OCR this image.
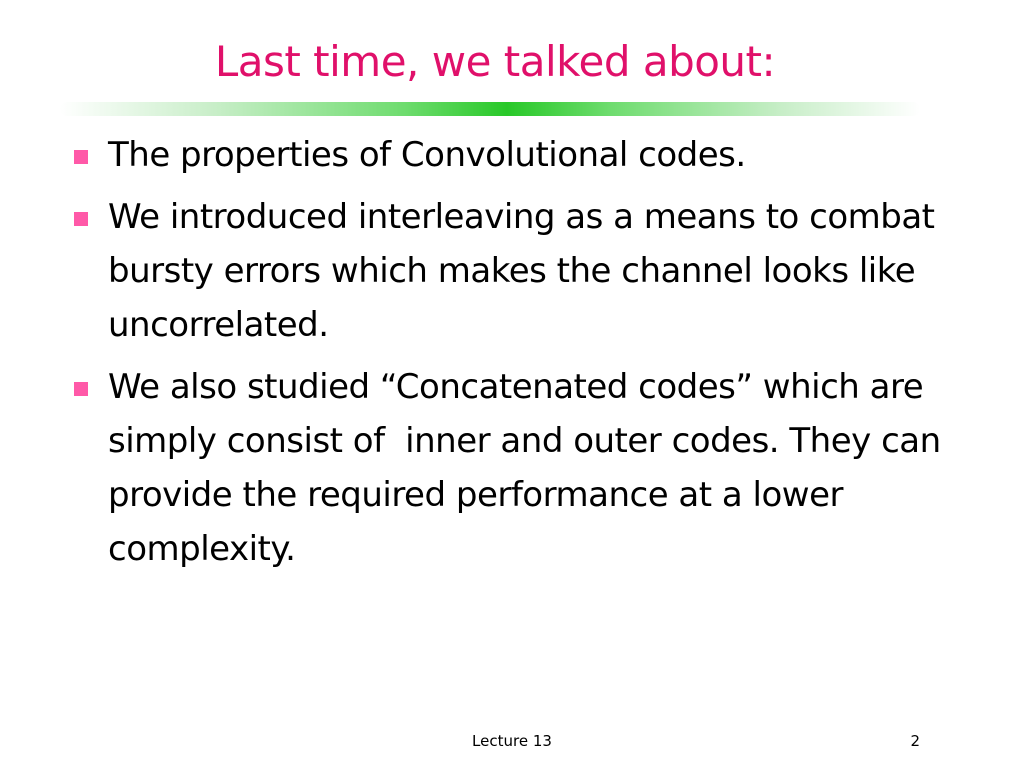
Last time, we talked about:
The properties of Convolutional codes.
We introduced interleaving as a means to combat bursty errors which makes the channel looks like uncorrelated.
We also studied “Concatenated codes” which are simply consist of  inner and outer codes. They can provide the required performance at a lower complexity.
Lecture 13	2
